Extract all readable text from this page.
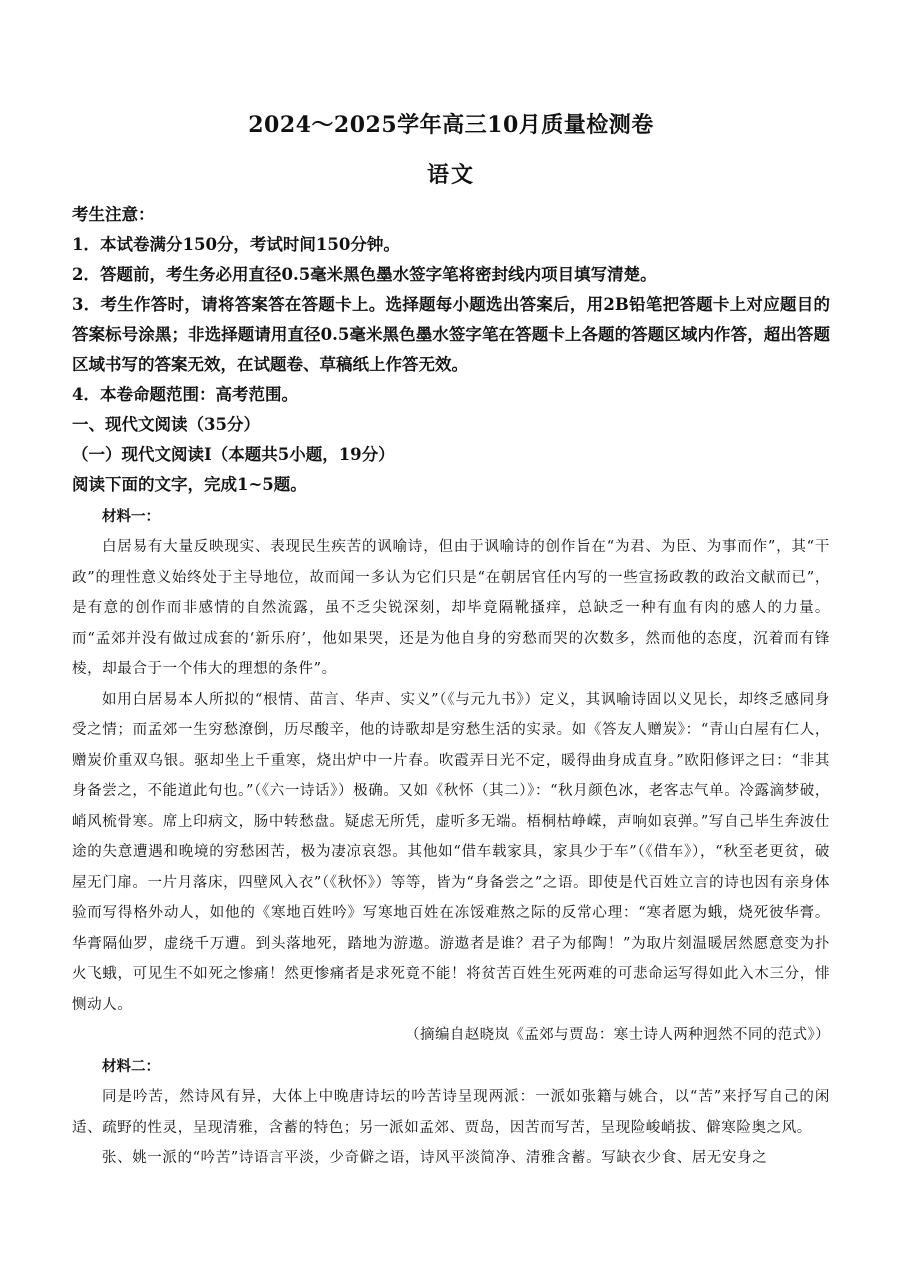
2024～2025学年高三10月质量检测卷
语文

考生注意：

1．本试卷满分150分，考试时间150分钟。

2．答题前，考生务必用直径0.5毫米黑色墨水签字笔将密封线内项目填写清楚。

3．考生作答时，请将答案答在答题卡上。选择题每小题选出答案后，用2B铅笔把答题卡上对应题目的答案标号涂黑；非选择题请用直径0.5毫米黑色墨水签字笔在答题卡上各题的答题区域内作答，超出答题区域书写的答案无效，在试题卷、草稿纸上作答无效。

4．本卷命题范围：高考范围。

一、现代文阅读（35分）

（一）现代文阅读I（本题共5小题，19分）

阅读下面的文字，完成1~5题。

材料一：

白居易有大量反映现实、表现民生疾苦的讽喻诗，但由于讽喻诗的创作旨在“为君、为臣、为事而作”，其“干政”的理性意义始终处于主导地位，故而闻一多认为它们只是“在朝居官任内写的一些宣扬政教的政治文献而已”，是有意的创作而非感情的自然流露，虽不乏尖锐深刻，却毕竟隔靴搔痒，总缺乏一种有血有肉的感人的力量。而“孟郊并没有做过成套的‘新乐府’，他如果哭，还是为他自身的穷愁而哭的次数多，然而他的态度，沉着而有锋棱，却最合于一个伟大的理想的条件”。

如用白居易本人所拟的“根情、苗言、华声、实义”（《与元九书》）定义，其讽喻诗固以义见长，却终乏感同身受之情；而孟郊一生穷愁潦倒，历尽酸辛，他的诗歌却是穷愁生活的实录。如《答友人赠炭》：“青山白屋有仁人，赠炭价重双乌银。驱却坐上千重寒，烧出炉中一片春。吹霞弄日光不定，暖得曲身成直身。”欧阳修评之曰：“非其身备尝之，不能道此句也。”（《六一诗话》）极确。又如《秋怀（其二）》：“秋月颜色冰，老客志气单。冷露滴梦破，峭风梳骨寒。席上印病文，肠中转愁盘。疑虑无所凭，虚听多无端。梧桐枯峥嵘，声响如哀弹。”写自己毕生奔波仕途的失意遭遇和晚境的穷愁困苦，极为凄凉哀怨。其他如“借车载家具，家具少于车”（《借车》），“秋至老更贫，破屋无门扉。一片月落床，四壁风入衣”（《秋怀》）等等，皆为“身备尝之”之语。即使是代百姓立言的诗也因有亲身体验而写得格外动人，如他的《寒地百姓吟》写寒地百姓在冻馁难熬之际的反常心理：“寒者愿为蛾，烧死彼华膏。华膏隔仙罗，虚绕千万遭。到头落地死，踏地为游遨。游遨者是谁？君子为郁陶！”为取片刻温暖居然愿意变为扑火飞蛾，可见生不如死之惨痛！然更惨痛者是求死竟不能！将贫苦百姓生死两难的可悲命运写得如此入木三分，悱恻动人。

（摘编自赵晓岚《孟郊与贾岛：寒士诗人两种迥然不同的范式》）

材料二：

同是吟苦，然诗风有异，大体上中晚唐诗坛的吟苦诗呈现两派：一派如张籍与姚合，以“苦”来抒写自己的闲适、疏野的性灵，呈现清雅，含蓄的特色；另一派如孟郊、贾岛，因苦而写苦，呈现险峻峭拔、僻寒险奥之风。

张、姚一派的“吟苦”诗语言平淡，少奇僻之语，诗风平淡简净、清雅含蓄。写缺衣少食、居无安身之
